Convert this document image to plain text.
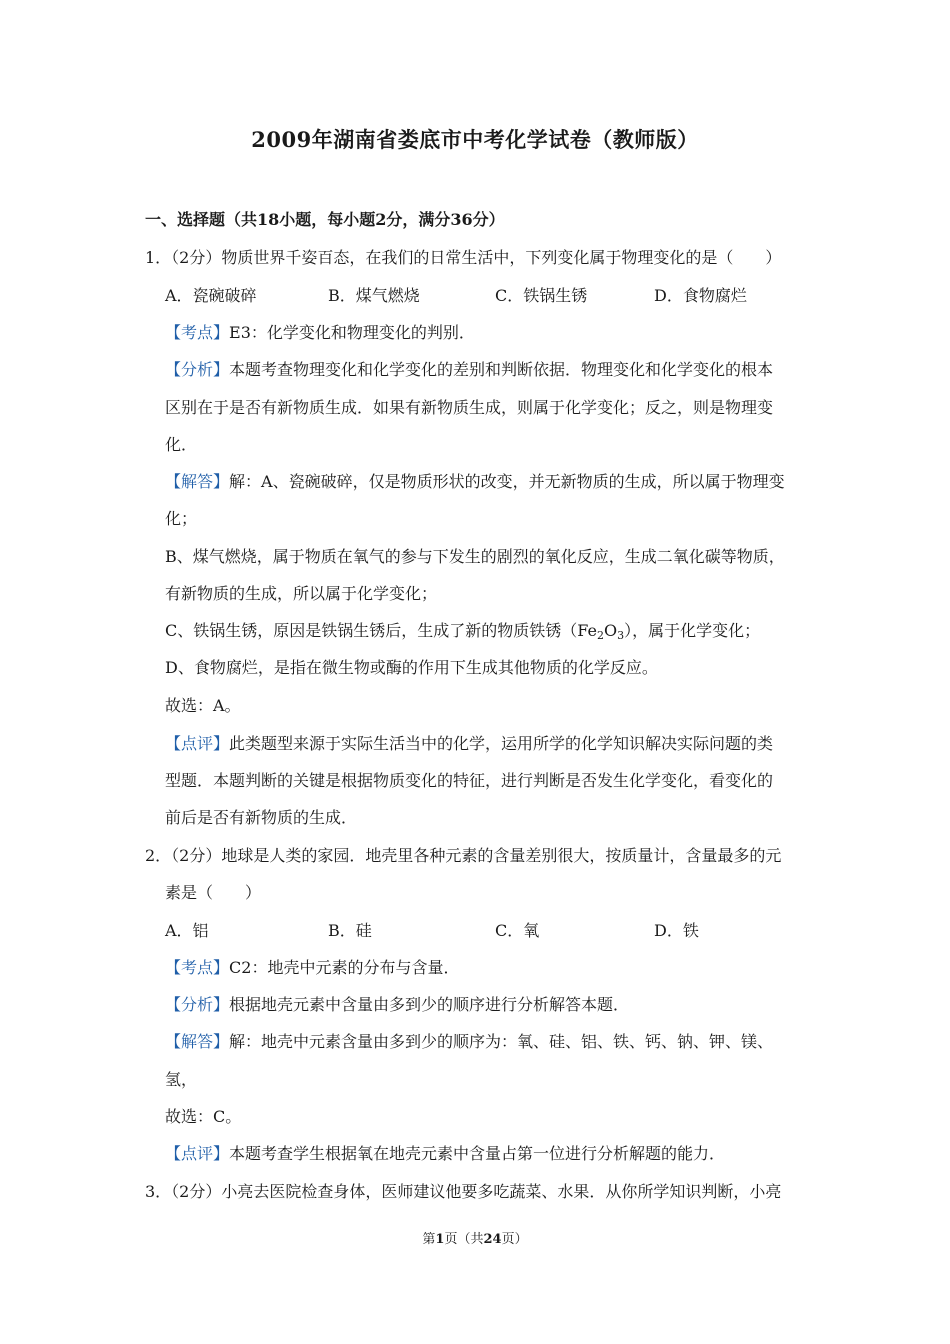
2009年湖南省娄底市中考化学试卷（教师版）
一、选择题（共18小题，每小题2分，满分36分）
1．（2分）物质世界千姿百态，在我们的日常生活中，下列变化属于物理变化的是（　　）
A．瓷碗破碎	B．煤气燃烧	C．铁锅生锈	D．食物腐烂
【考点】E3：化学变化和物理变化的判别．
【分析】本题考查物理变化和化学变化的差别和判断依据．物理变化和化学变化的根本
区别在于是否有新物质生成．如果有新物质生成，则属于化学变化；反之，则是物理变
化．
【解答】解：A、瓷碗破碎，仅是物质形状的改变，并无新物质的生成，所以属于物理变
化；
B、煤气燃烧，属于物质在氧气的参与下发生的剧烈的氧化反应，生成二氧化碳等物质，
有新物质的生成，所以属于化学变化；
C、铁锅生锈，原因是铁锅生锈后，生成了新的物质铁锈$(Fe_2O_3)$，属于化学变化；
D、食物腐烂，是指在微生物或酶的作用下生成其他物质的化学反应。
故选：A。
【点评】此类题型来源于实际生活当中的化学，运用所学的化学知识解决实际问题的类
型题．本题判断的关键是根据物质变化的特征，进行判断是否发生化学变化，看变化的
前后是否有新物质的生成．
2．（2分）地球是人类的家园．地壳里各种元素的含量差别很大，按质量计，含量最多的元
素是（　　）
A．铝	B．硅	C．氧	D．铁
【考点】C2：地壳中元素的分布与含量．
【分析】根据地壳元素中含量由多到少的顺序进行分析解答本题．
【解答】解：地壳中元素含量由多到少的顺序为：氧、硅、铝、铁、钙、钠、钾、镁、
氢，
故选：C。
【点评】本题考查学生根据氧在地壳元素中含量占第一位进行分析解题的能力．
3．（2分）小亮去医院检查身体，医师建议他要多吃蔬菜、水果．从你所学知识判断，小亮
第1页（共24页）
